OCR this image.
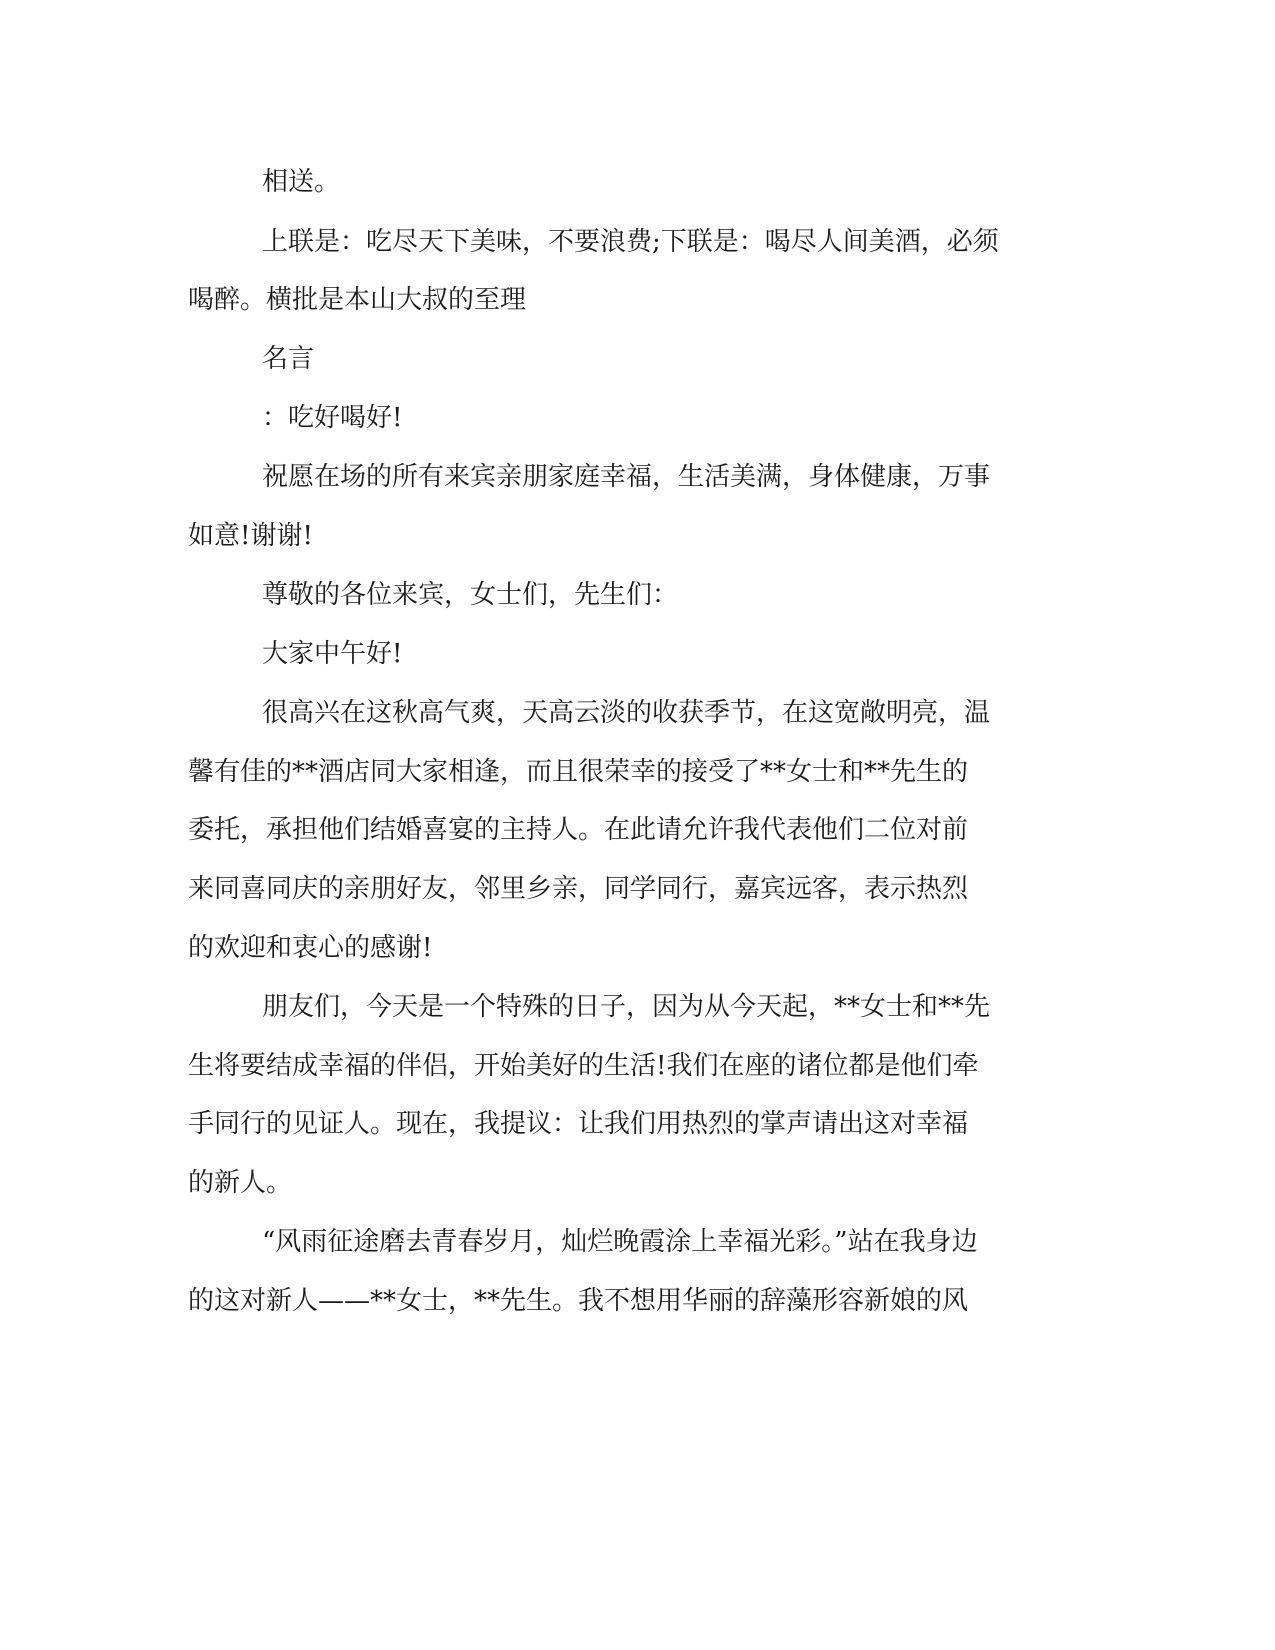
相送。
上联是：吃尽天下美味，不要浪费;下联是：喝尽人间美酒，必须
喝醉。横批是本山大叔的至理
名言
：吃好喝好!
祝愿在场的所有来宾亲朋家庭幸福，生活美满，身体健康，万事
如意!谢谢!
尊敬的各位来宾，女士们，先生们：
大家中午好!
很高兴在这秋高气爽，天高云淡的收获季节，在这宽敞明亮，温
馨有佳的**酒店同大家相逢，而且很荣幸的接受了**女士和**先生的
委托，承担他们结婚喜宴的主持人。在此请允许我代表他们二位对前
来同喜同庆的亲朋好友，邻里乡亲，同学同行，嘉宾远客，表示热烈
的欢迎和衷心的感谢!
朋友们，今天是一个特殊的日子，因为从今天起，**女士和**先
生将要结成幸福的伴侣，开始美好的生活!我们在座的诸位都是他们牵
手同行的见证人。现在，我提议：让我们用热烈的掌声请出这对幸福
的新人。
“风雨征途磨去青春岁月，灿烂晚霞涂上幸福光彩。”站在我身边
的这对新人——**女士，**先生。我不想用华丽的辞藻形容新娘的风
